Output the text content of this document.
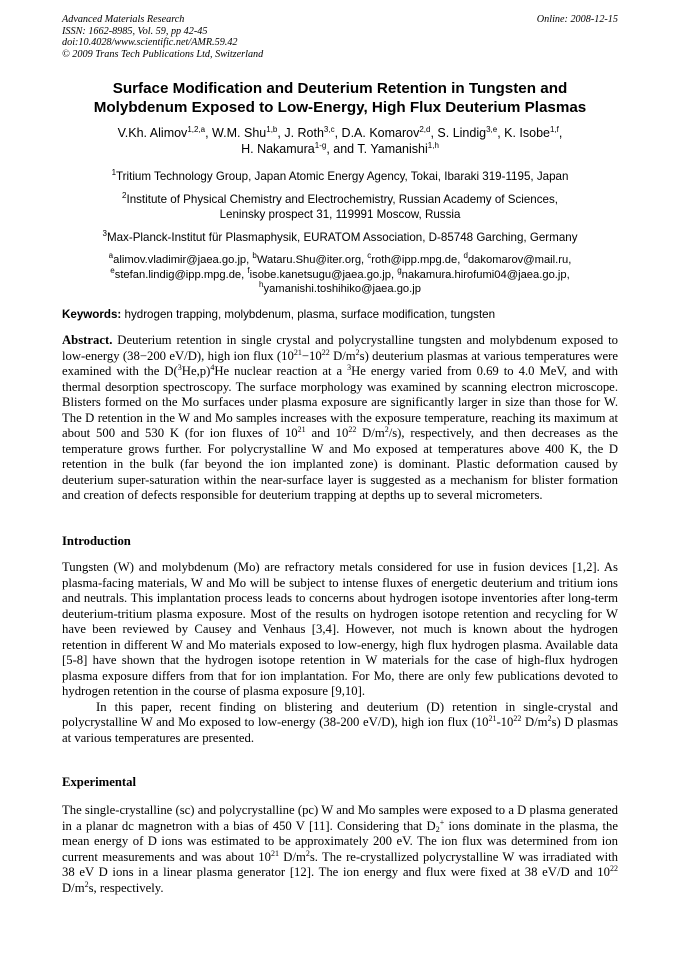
Advanced Materials Research
ISSN: 1662-8985, Vol. 59, pp 42-45
doi:10.4028/www.scientific.net/AMR.59.42
© 2009 Trans Tech Publications Ltd, Switzerland
Online: 2008-12-15
Surface Modification and Deuterium Retention in Tungsten and
Molybdenum Exposed to Low-Energy, High Flux Deuterium Plasmas
V.Kh. Alimov$^{1,2,a}$, W.M. Shu$^{1,b}$, J. Roth$^{3,c}$, D.A. Komarov$^{2,d}$, S. Lindig$^{3,e}$, K. Isobe$^{1,f}$,
H. Nakamura$^{1-g}$, and T. Yamanishi$^{1,h}$
$^1$Tritium Technology Group, Japan Atomic Energy Agency, Tokai, Ibaraki 319-1195, Japan
$^2$Institute of Physical Chemistry and Electrochemistry, Russian Academy of Sciences,
Leninsky prospect 31, 119991 Moscow, Russia
$^3$Max-Planck-Institut für Plasmaphysik, EURATOM Association, D-85748 Garching, Germany
$^a$alimov.vladimir@jaea.go.jp, $^b$Wataru.Shu@iter.org, $^c$roth@ipp.mpg.de, $^d$dakomarov@mail.ru,
$^e$stefan.lindig@ipp.mpg.de, $^f$isobe.kanetsugu@jaea.go.jp, $^g$nakamura.hirofumi04@jaea.go.jp,
$^h$yamanishi.toshihiko@jaea.go.jp
Keywords: hydrogen trapping, molybdenum, plasma, surface modification, tungsten
Abstract. Deuterium retention in single crystal and polycrystalline tungsten and molybdenum exposed to low-energy (38−200 eV/D), high ion flux ($10^{21}-10^{22}$ $D/m^2s$) deuterium plasmas at various temperatures were examined with the $D(^3He,p)^4He$ nuclear reaction at a $^3$He energy varied from 0.69 to 4.0 MeV, and with thermal desorption spectroscopy. The surface morphology was examined by scanning electron microscope. Blisters formed on the Mo surfaces under plasma exposure are significantly larger in size than those for W. The D retention in the W and Mo samples increases with the exposure temperature, reaching its maximum at about 500 and 530 K (for ion fluxes of $10^{21}$ and $10^{22}$ $D/m^2/s$), respectively, and then decreases as the temperature grows further. For polycrystalline W and Mo exposed at temperatures above 400 K, the D retention in the bulk (far beyond the ion implanted zone) is dominant. Plastic deformation caused by deuterium super-saturation within the near-surface layer is suggested as a mechanism for blister formation and creation of defects responsible for deuterium trapping at depths up to several micrometers.
Introduction

Tungsten (W) and molybdenum (Mo) are refractory metals considered for use in fusion devices [1,2]. As plasma-facing materials, W and Mo will be subject to intense fluxes of energetic deuterium and tritium ions and neutrals. This implantation process leads to concerns about hydrogen isotope inventories after long-term deuterium-tritium plasma exposure. Most of the results on hydrogen isotope retention and recycling for W have been reviewed by Causey and Venhaus [3,4]. However, not much is known about the hydrogen retention in different W and Mo materials exposed to low-energy, high flux hydrogen plasma. Available data [5-8] have shown that the hydrogen isotope retention in W materials for the case of high-flux hydrogen plasma exposure differs from that for ion implantation. For Mo, there are only few publications devoted to hydrogen retention in the course of plasma exposure [9,10].

In this paper, recent finding on blistering and deuterium (D) retention in single-crystal and polycrystalline W and Mo exposed to low-energy (38-200 eV/D), high ion flux ($10^{21}-10^{22}$ $D/m^2s$) D plasmas at various temperatures are presented.

Experimental
The single-crystalline (sc) and polycrystalline (pc) W and Mo samples were exposed to a D plasma generated in a planar dc magnetron with a bias of 450 V [11]. Considering that $D_2^+$ ions dominate in the plasma, the mean energy of D ions was estimated to be approximately 200 eV. The ion flux was determined from ion current measurements and was about $10^{21}$ $D/m^2s$. The re-crystallized polycrystalline W was irradiated with 38 eV D ions in a linear plasma generator [12]. The ion energy and flux were fixed at 38 eV/D and $10^{22}$ $D/m^2s$, respectively.
